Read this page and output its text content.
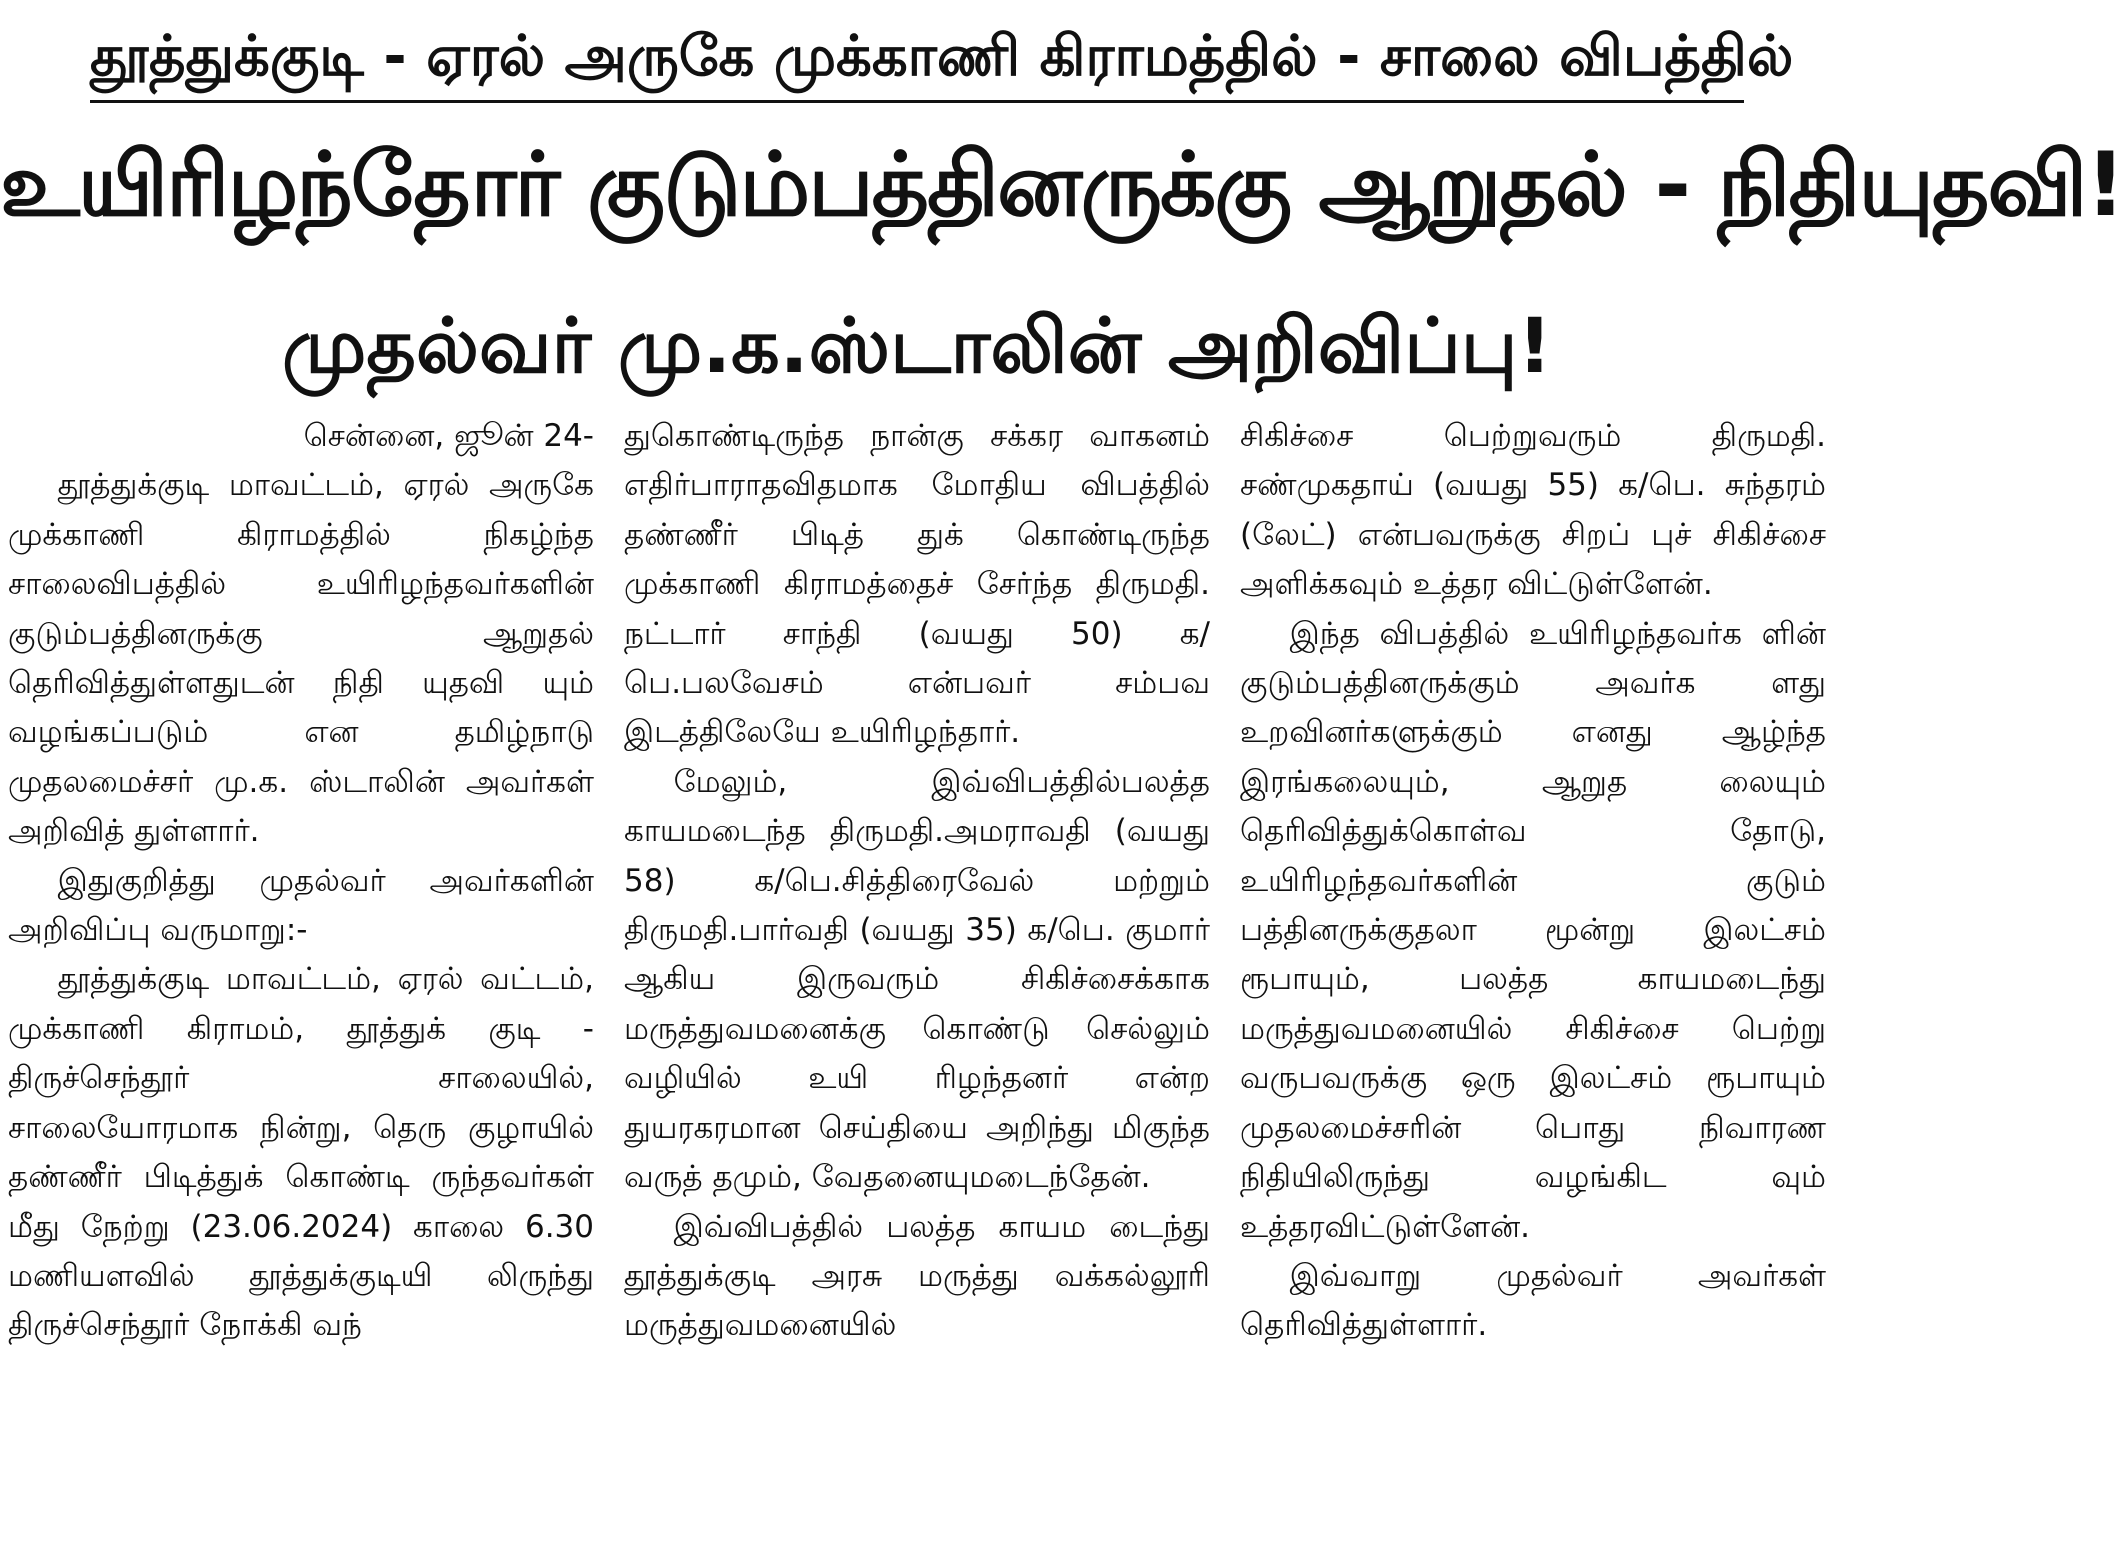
தூத்துக்குடி - ஏரல் அருகே முக்காணி கிராமத்தில் - சாலை விபத்தில்
உயிரிழந்தோர் குடும்பத்தினருக்கு ஆறுதல் - நிதியுதவி!
முதல்வர் மு.க.ஸ்டாலின் அறிவிப்பு!

சென்னை, ஜூன் 24-

தூத்துக்குடி மாவட்டம், ஏரல் அருகே முக்காணி கிராமத்தில் நிகழ்ந்த சாலைவிபத்தில் உயிரிழந்தவர்களின் குடும்பத்தினருக்கு ஆறுதல் தெரிவித்துள்ளதுடன் நிதி யுதவி யும் வழங்கப்படும் என தமிழ்நாடு முதலமைச்சர் மு.க. ஸ்டாலின் அவர்கள் அறிவித் துள்ளார்.

இதுகுறித்து முதல்வர் அவர்களின் அறிவிப்பு வருமாறு:-

தூத்துக்குடி மாவட்டம், ஏரல் வட்டம், முக்காணி கிராமம், தூத்துக் குடி - திருச்செந்தூர் சாலையில், சாலையோரமாக நின்று, தெரு குழாயில் தண்ணீர் பிடித்துக் கொண்டி ருந்தவர்கள் மீது நேற்று (23.06.2024) காலை 6.30 மணியளவில் தூத்துக்குடியி லிருந்து திருச்செந்தூர் நோக்கி வந்

துகொண்டிருந்த நான்கு சக்கர வாகனம் எதிர்பாராதவிதமாக மோதிய விபத்தில் தண்ணீர் பிடித் துக் கொண்டிருந்த முக்காணி கிராமத்தைச் சேர்ந்த திருமதி. நட்டார் சாந்தி (வயது 50) க/பெ.பலவேசம் என்பவர் சம்பவ இடத்திலேயே உயிரிழந்தார்.

மேலும், இவ்விபத்தில்பலத்த காயமடைந்த திருமதி.அமராவதி (வயது 58) க/பெ.சித்திரைவேல் மற்றும் திருமதி.பார்வதி (வயது 35) க/பெ. குமார் ஆகிய இருவரும் சிகிச்சைக்காக மருத்துவமனைக்கு கொண்டு செல்லும் வழியில் உயி ரிழந்தனர் என்ற துயரகரமான செய்தியை அறிந்து மிகுந்த வருத் தமும், வேதனையுமடைந்தேன்.

இவ்விபத்தில் பலத்த காயம டைந்து தூத்துக்குடி அரசு மருத்து வக்கல்லூரி மருத்துவமனையில்

சிகிச்சை பெற்றுவரும் திருமதி. சண்முகதாய் (வயது 55) க/பெ. சுந்தரம் (லேட்) என்பவருக்கு சிறப் புச் சிகிச்சை அளிக்கவும் உத்தர விட்டுள்ளேன்.

இந்த விபத்தில் உயிரிழந்தவர்க ளின் குடும்பத்தினருக்கும் அவர்க ளது உறவினர்களுக்கும் எனது ஆழ்ந்த இரங்கலையும், ஆறுத லையும் தெரிவித்துக்கொள்வ தோடு, உயிரிழந்தவர்களின் குடும் பத்தினருக்குதலா மூன்று இலட்சம் ரூபாயும், பலத்த காயமடைந்து மருத்துவமனையில் சிகிச்சை பெற்று வருபவருக்கு ஒரு இலட்சம் ரூபாயும் முதலமைச்சரின் பொது நிவாரண நிதியிலிருந்து வழங்கிட வும் உத்தரவிட்டுள்ளேன்.

இவ்வாறு முதல்வர் அவர்கள் தெரிவித்துள்ளார்.
